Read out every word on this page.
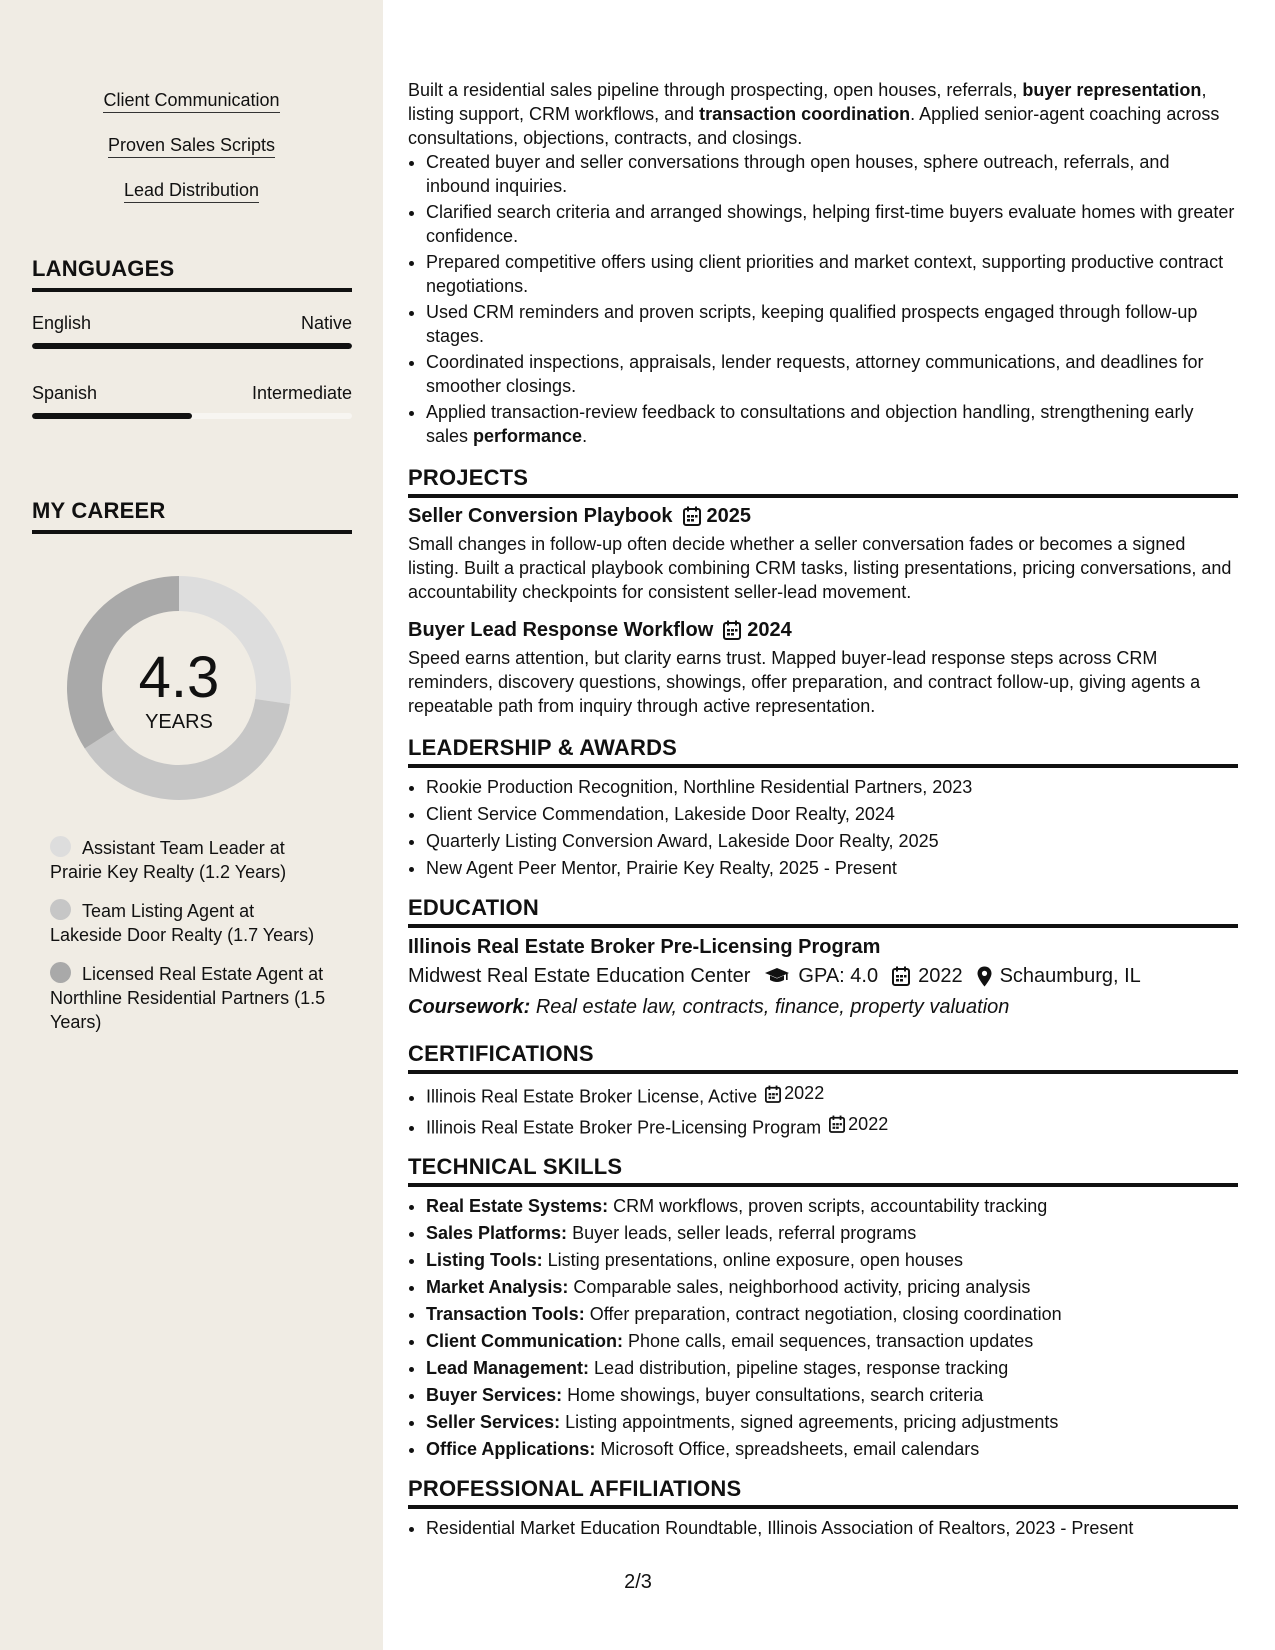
Client Communication
Proven Sales Scripts
Lead Distribution
LANGUAGES
English	Native
Spanish	Intermediate
MY CAREER
4.3
YEARS
Assistant Team Leader at Prairie Key Realty (1.2 Years)
Team Listing Agent at Lakeside Door Realty (1.7 Years)
Licensed Real Estate Agent at Northline Residential Partners (1.5 Years)

Built a residential sales pipeline through prospecting, open houses, referrals, buyer representation, listing support, CRM workflows, and transaction coordination. Applied senior-agent coaching across consultations, objections, contracts, and closings.

• Created buyer and seller conversations through open houses, sphere outreach, referrals, and inbound inquiries.
• Clarified search criteria and arranged showings, helping first-time buyers evaluate homes with greater confidence.
• Prepared competitive offers using client priorities and market context, supporting productive contract negotiations.
• Used CRM reminders and proven scripts, keeping qualified prospects engaged through follow-up stages.
• Coordinated inspections, appraisals, lender requests, attorney communications, and deadlines for smoother closings.
• Applied transaction-review feedback to consultations and objection handling, strengthening early sales performance.
PROJECTS
Seller Conversion Playbook 2025

Small changes in follow-up often decide whether a seller conversation fades or becomes a signed listing. Built a practical playbook combining CRM tasks, listing presentations, pricing conversations, and accountability checkpoints for consistent seller-lead movement.

Buyer Lead Response Workflow 2024

Speed earns attention, but clarity earns trust. Mapped buyer-lead response steps across CRM reminders, discovery questions, showings, offer preparation, and contract follow-up, giving agents a repeatable path from inquiry through active representation.

LEADERSHIP & AWARDS
• Rookie Production Recognition, Northline Residential Partners, 2023
• Client Service Commendation, Lakeside Door Realty, 2024
• Quarterly Listing Conversion Award, Lakeside Door Realty, 2025
• New Agent Peer Mentor, Prairie Key Realty, 2025 - Present
EDUCATION
Illinois Real Estate Broker Pre-Licensing Program
Midwest Real Estate Education Center GPA: 4.0 2022 Schaumburg, IL
Coursework: Real estate law, contracts, finance, property valuation
CERTIFICATIONS
• Illinois Real Estate Broker License, Active 2022
• Illinois Real Estate Broker Pre-Licensing Program 2022
TECHNICAL SKILLS
• Real Estate Systems: CRM workflows, proven scripts, accountability tracking
• Sales Platforms: Buyer leads, seller leads, referral programs
• Listing Tools: Listing presentations, online exposure, open houses
• Market Analysis: Comparable sales, neighborhood activity, pricing analysis
• Transaction Tools: Offer preparation, contract negotiation, closing coordination
• Client Communication: Phone calls, email sequences, transaction updates
• Lead Management: Lead distribution, pipeline stages, response tracking
• Buyer Services: Home showings, buyer consultations, search criteria
• Seller Services: Listing appointments, signed agreements, pricing adjustments
• Office Applications: Microsoft Office, spreadsheets, email calendars
PROFESSIONAL AFFILIATIONS
• Residential Market Education Roundtable, Illinois Association of Realtors, 2023 - Present
2/3
